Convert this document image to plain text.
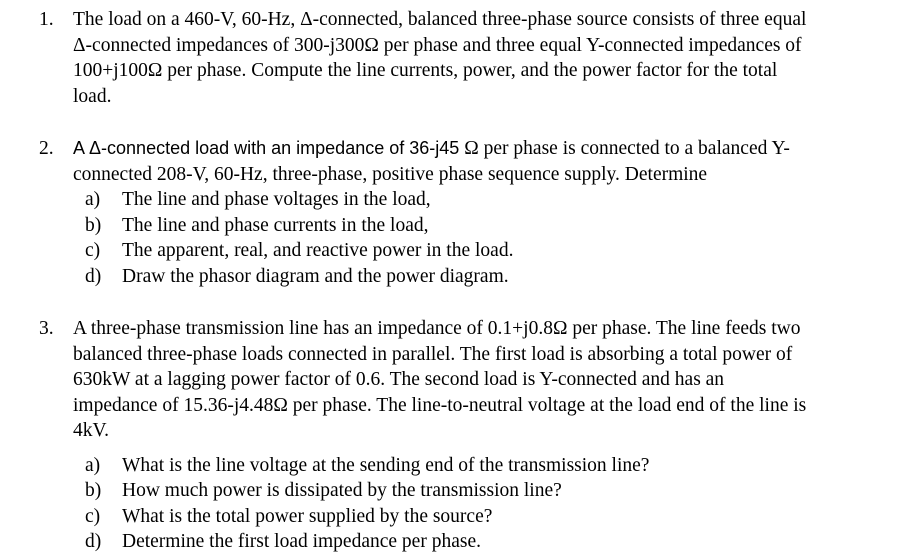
1. The load on a 460-V, 60-Hz, Δ-connected, balanced three-phase source consists of three equal
Δ-connected impedances of 300-j300Ω per phase and three equal Y-connected impedances of
100+j100Ω per phase. Compute the line currents, power, and the power factor for the total
load.
2. A Δ-connected load with an impedance of 36-j45 Ω per phase is connected to a balanced Y-
connected 208-V, 60-Hz, three-phase, positive phase sequence supply. Determine
a) The line and phase voltages in the load,
b) The line and phase currents in the load,
c) The apparent, real, and reactive power in the load.
d) Draw the phasor diagram and the power diagram.
3. A three-phase transmission line has an impedance of 0.1+j0.8Ω per phase. The line feeds two
balanced three-phase loads connected in parallel. The first load is absorbing a total power of
630kW at a lagging power factor of 0.6. The second load is Y-connected and has an
impedance of 15.36-j4.48Ω per phase. The line-to-neutral voltage at the load end of the line is
4kV.
a) What is the line voltage at the sending end of the transmission line?
b) How much power is dissipated by the transmission line?
c) What is the total power supplied by the source?
d) Determine the first load impedance per phase.
